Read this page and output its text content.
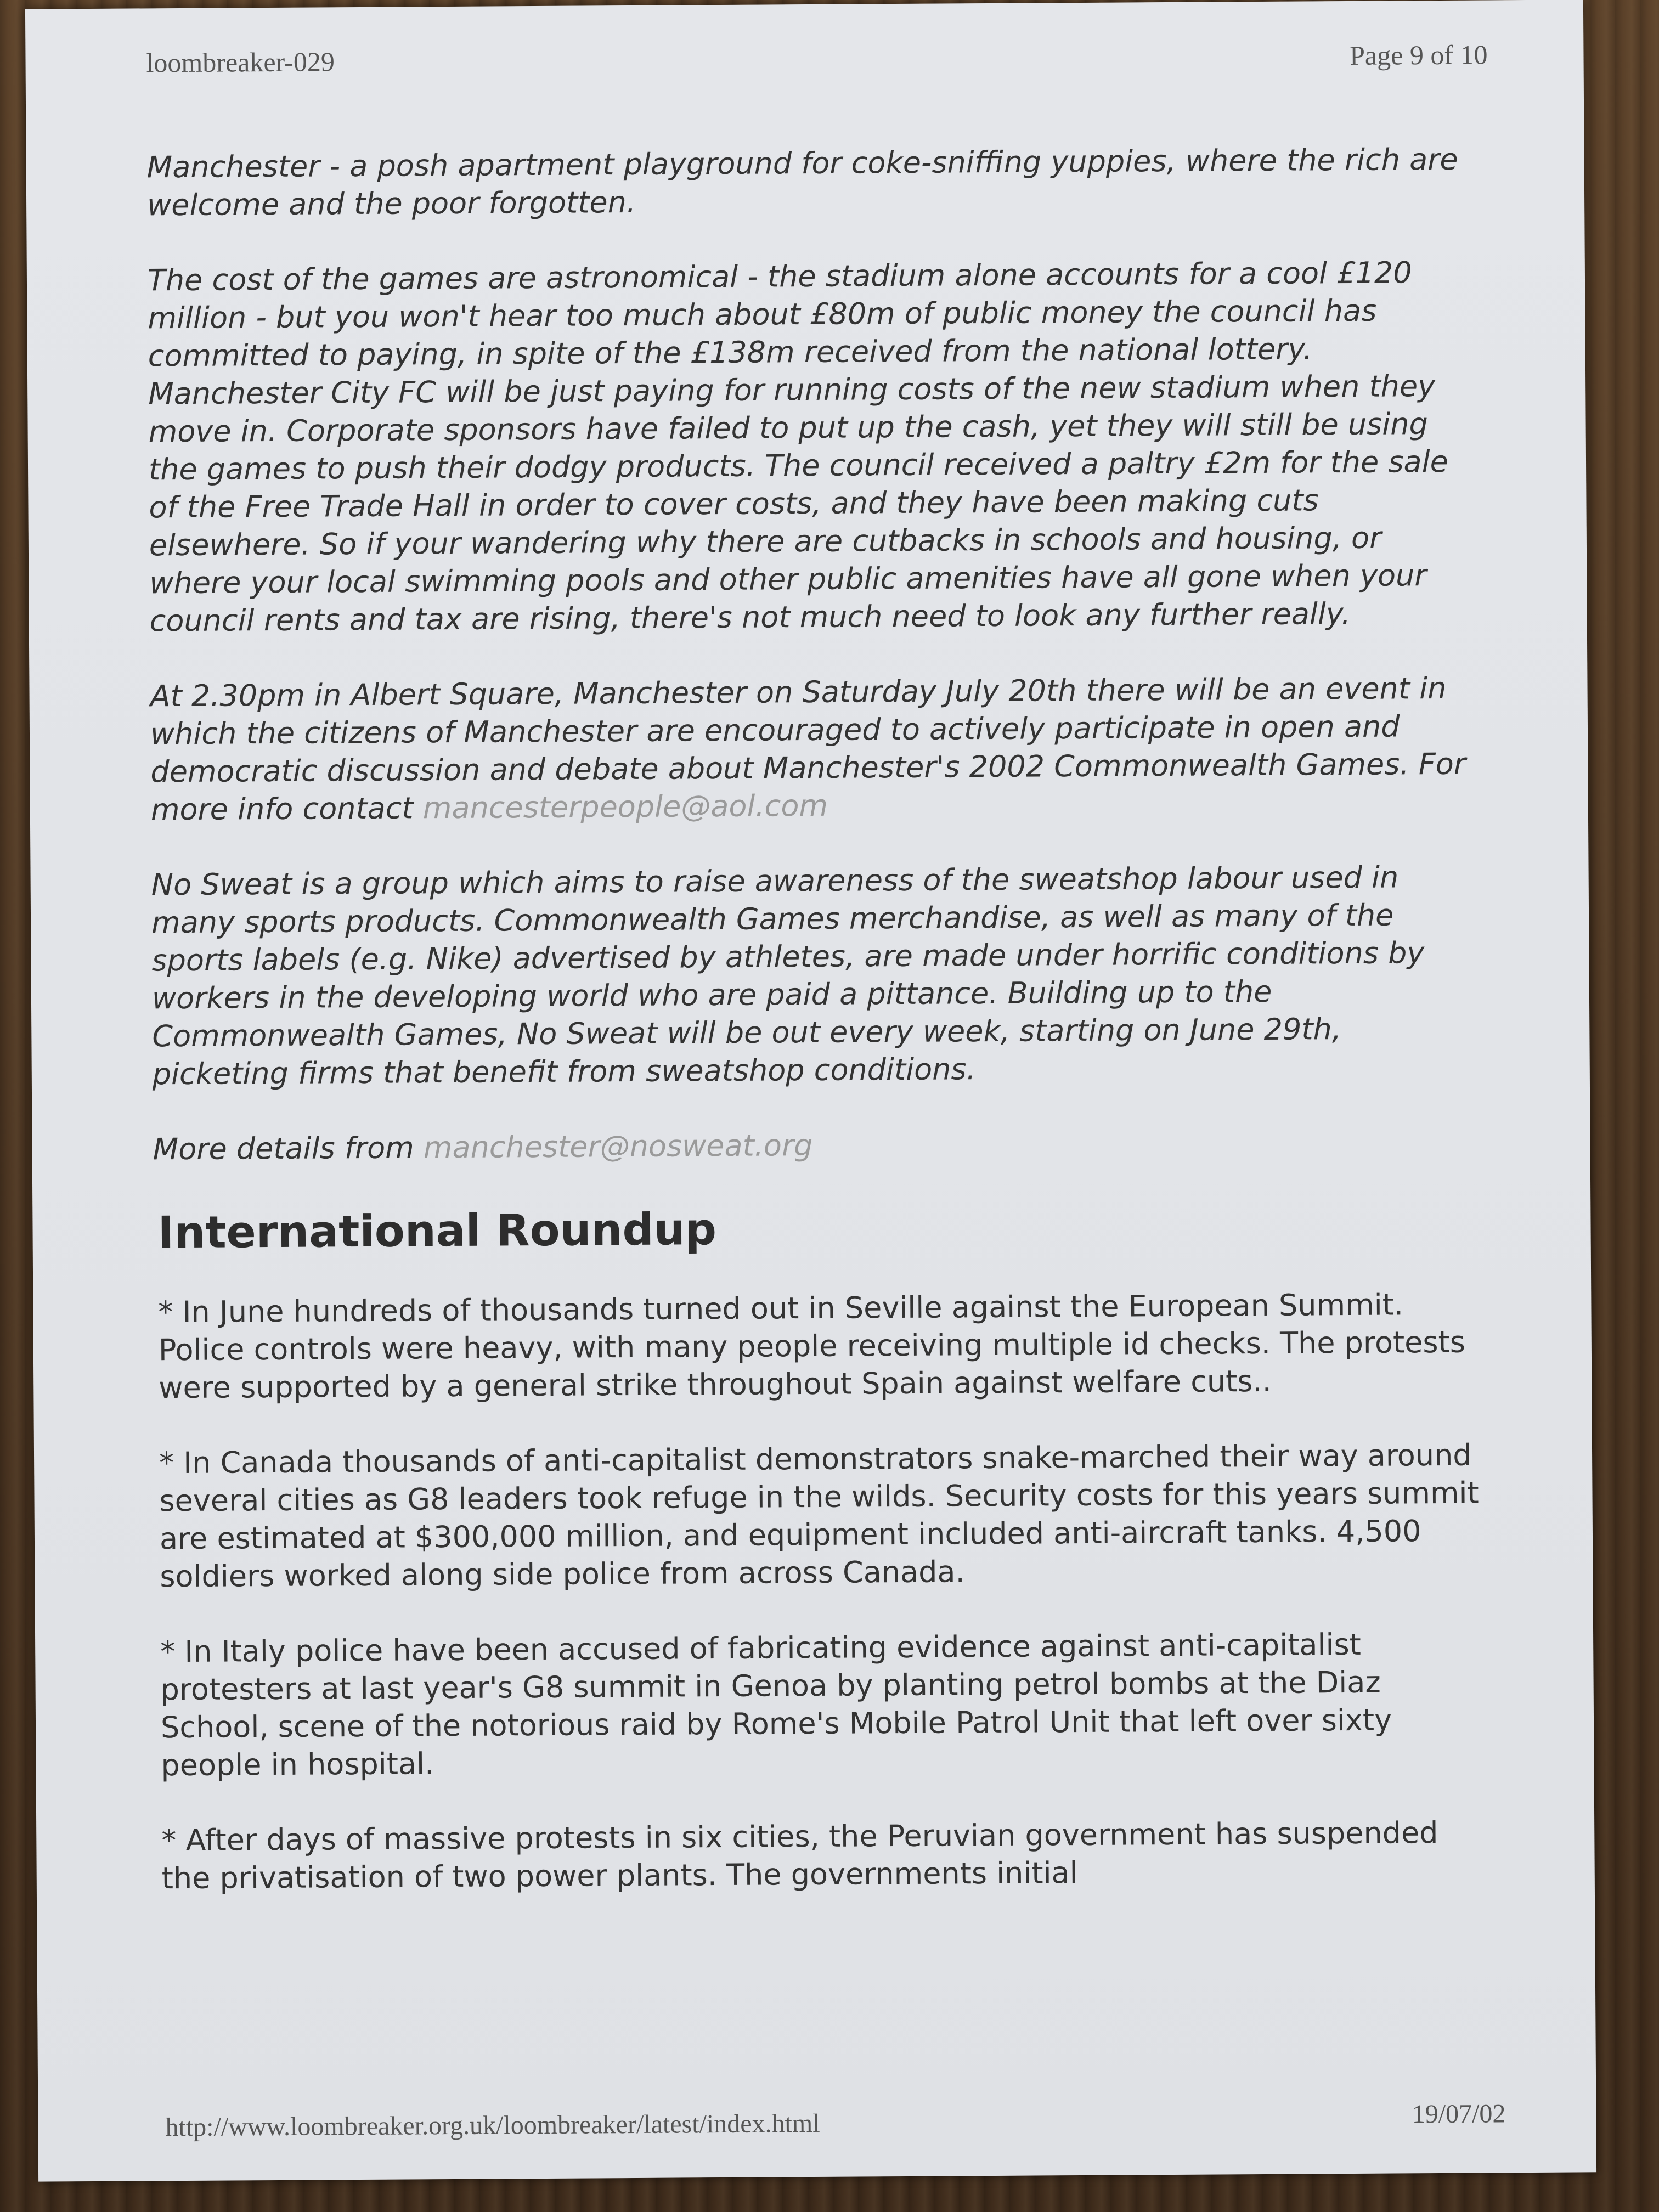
loombreaker-029	Page 9 of 10

Manchester - a posh apartment playground for coke-sniffing yuppies, where the rich are welcome and the poor forgotten.

The cost of the games are astronomical - the stadium alone accounts for a cool £120 million - but you won't hear too much about £80m of public money the council has committed to paying, in spite of the £138m received from the national lottery. Manchester City FC will be just paying for running costs of the new stadium when they move in. Corporate sponsors have failed to put up the cash, yet they will still be using the games to push their dodgy products. The council received a paltry £2m for the sale of the Free Trade Hall in order to cover costs, and they have been making cuts elsewhere. So if your wandering why there are cutbacks in schools and housing, or where your local swimming pools and other public amenities have all gone when your council rents and tax are rising, there's not much need to look any further really.

At 2.30pm in Albert Square, Manchester on Saturday July 20th there will be an event in which the citizens of Manchester are encouraged to actively participate in open and democratic discussion and debate about Manchester's 2002 Commonwealth Games. For more info contact mancesterpeople@aol.com

No Sweat is a group which aims to raise awareness of the sweatshop labour used in many sports products. Commonwealth Games merchandise, as well as many of the sports labels (e.g. Nike) advertised by athletes, are made under horrific conditions by workers in the developing world who are paid a pittance. Building up to the Commonwealth Games, No Sweat will be out every week, starting on June 29th, picketing firms that benefit from sweatshop conditions.

More details from manchester@nosweat.org

International Roundup

* In June hundreds of thousands turned out in Seville against the European Summit. Police controls were heavy, with many people receiving multiple id checks. The protests were supported by a general strike throughout Spain against welfare cuts..

* In Canada thousands of anti-capitalist demonstrators snake-marched their way around several cities as G8 leaders took refuge in the wilds. Security costs for this years summit are estimated at $300,000 million, and equipment included anti-aircraft tanks. 4,500 soldiers worked along side police from across Canada.

* In Italy police have been accused of fabricating evidence against anti-capitalist protesters at last year's G8 summit in Genoa by planting petrol bombs at the Diaz School, scene of the notorious raid by Rome's Mobile Patrol Unit that left over sixty people in hospital.

* After days of massive protests in six cities, the Peruvian government has suspended the privatisation of two power plants. The governments initial

http://www.loombreaker.org.uk/loombreaker/latest/index.html	19/07/02
